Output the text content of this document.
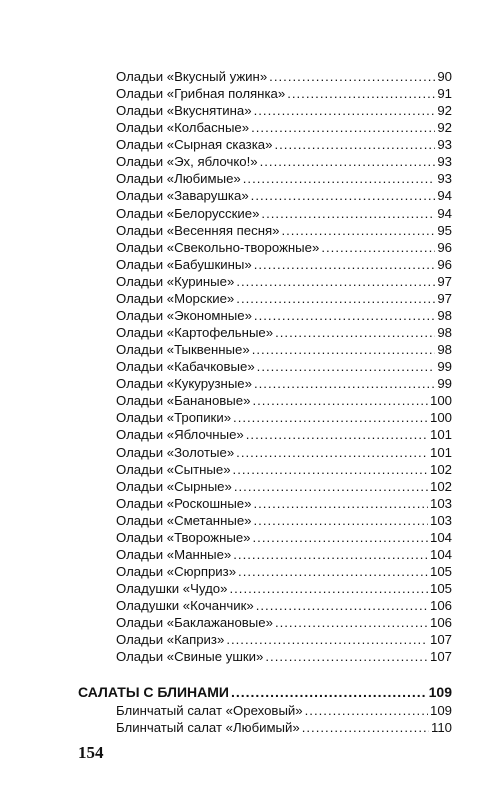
Оладьи «Вкусный ужин» .....	90
Оладьи «Грибная полянка» .....	91
Оладьи «Вкуснятина» .....	92
Оладьи «Колбасные» .....	92
Оладьи «Сырная сказка» .....	93
Оладьи «Эх, яблочко!» .....	93
Оладьи «Любимые» .....	93
Оладьи «Заварушка» .....	94
Оладьи «Белорусские» .....	94
Оладьи «Весенняя песня» .....	95
Оладьи «Свекольно-творожные» .....	96
Оладьи «Бабушкины» .....	96
Оладьи «Куриные» .....	97
Оладьи «Морские» .....	97
Оладьи «Экономные» .....	98
Оладьи «Картофельные» .....	98
Оладьи «Тыквенные» .....	98
Оладьи «Кабачковые» .....	99
Оладьи «Кукурузные» .....	99
Оладьи «Банановые» .....	100
Оладьи «Тропики» .....	100
Оладьи «Яблочные» .....	101
Оладьи «Золотые» .....	101
Оладьи «Сытные» .....	102
Оладьи «Сырные» .....	102
Оладьи «Роскошные» .....	103
Оладьи «Сметанные» .....	103
Оладьи «Творожные» .....	104
Оладьи «Манные» .....	104
Оладьи «Сюрприз» .....	105
Оладушки «Чудо» .....	105
Оладушки «Кочанчик» .....	106
Оладьи «Баклажановые» .....	106
Оладьи «Каприз» .....	107
Оладьи «Свиные ушки» .....	107
САЛАТЫ С БЛИНАМИ .....	109
Блинчатый салат «Ореховый» .....	109
Блинчатый салат «Любимый» .....	110
154
